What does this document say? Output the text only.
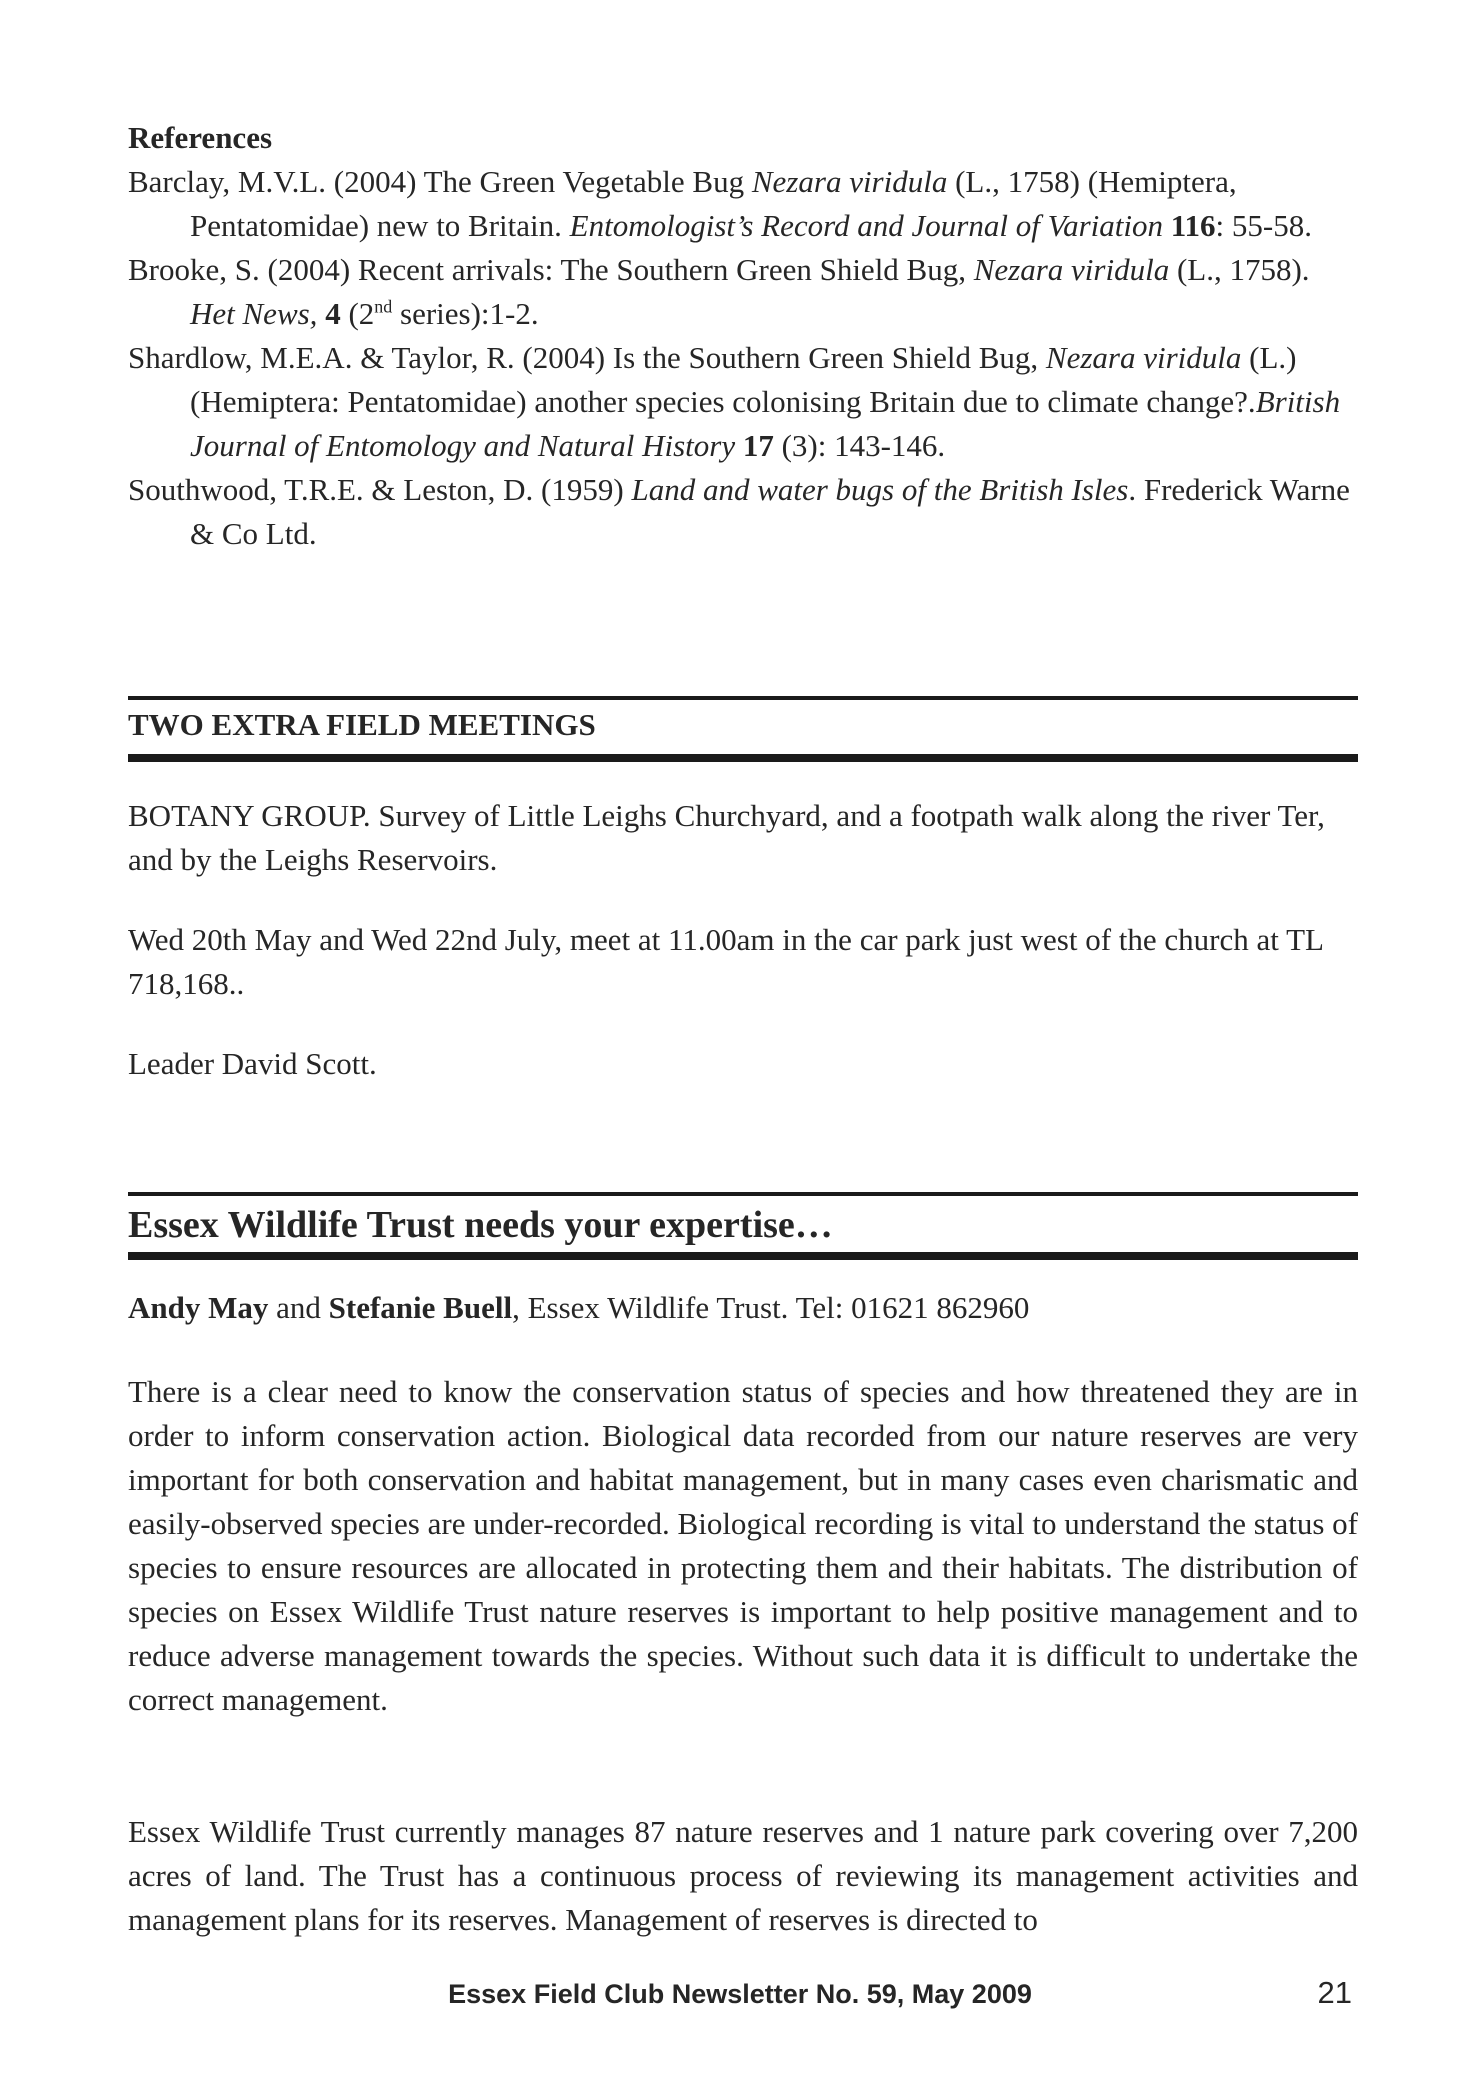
References
Barclay, M.V.L. (2004) The Green Vegetable Bug Nezara viridula (L., 1758) (Hemiptera, Pentatomidae) new to Britain. Entomologist’s Record and Journal of Variation 116: 55-58.
Brooke, S. (2004) Recent arrivals: The Southern Green Shield Bug, Nezara viridula (L., 1758). Het News, 4 (2nd series):1-2.
Shardlow, M.E.A. & Taylor, R. (2004) Is the Southern Green Shield Bug, Nezara viridula (L.) (Hemiptera: Pentatomidae) another species colonising Britain due to climate change?.British Journal of Entomology and Natural History 17 (3): 143-146.
Southwood, T.R.E. & Leston, D. (1959) Land and water bugs of the British Isles. Frederick Warne & Co Ltd.
TWO EXTRA FIELD MEETINGS

BOTANY GROUP. Survey of Little Leighs Churchyard, and a footpath walk along the river Ter, and by the Leighs Reservoirs.

Wed 20th May and Wed 22nd July, meet at 11.00am in the car park just west of the church at TL 718,168..

Leader David Scott.

Essex Wildlife Trust needs your expertise…

Andy May and Stefanie Buell, Essex Wildlife Trust. Tel: 01621 862960

There is a clear need to know the conservation status of species and how threatened they are in order to inform conservation action. Biological data recorded from our nature reserves are very important for both conservation and habitat management, but in many cases even charismatic and easily-observed species are under-recorded. Biological recording is vital to understand the status of species to ensure resources are allocated in protecting them and their habitats. The distribution of species on Essex Wildlife Trust nature reserves is important to help positive management and to reduce adverse management towards the species. Without such data it is difficult to undertake the correct management.

Essex Wildlife Trust currently manages 87 nature reserves and 1 nature park covering over 7,200 acres of land. The Trust has a continuous process of reviewing its management activities and management plans for its reserves. Management of reserves is directed to

Essex Field Club Newsletter No. 59, May 2009	21
